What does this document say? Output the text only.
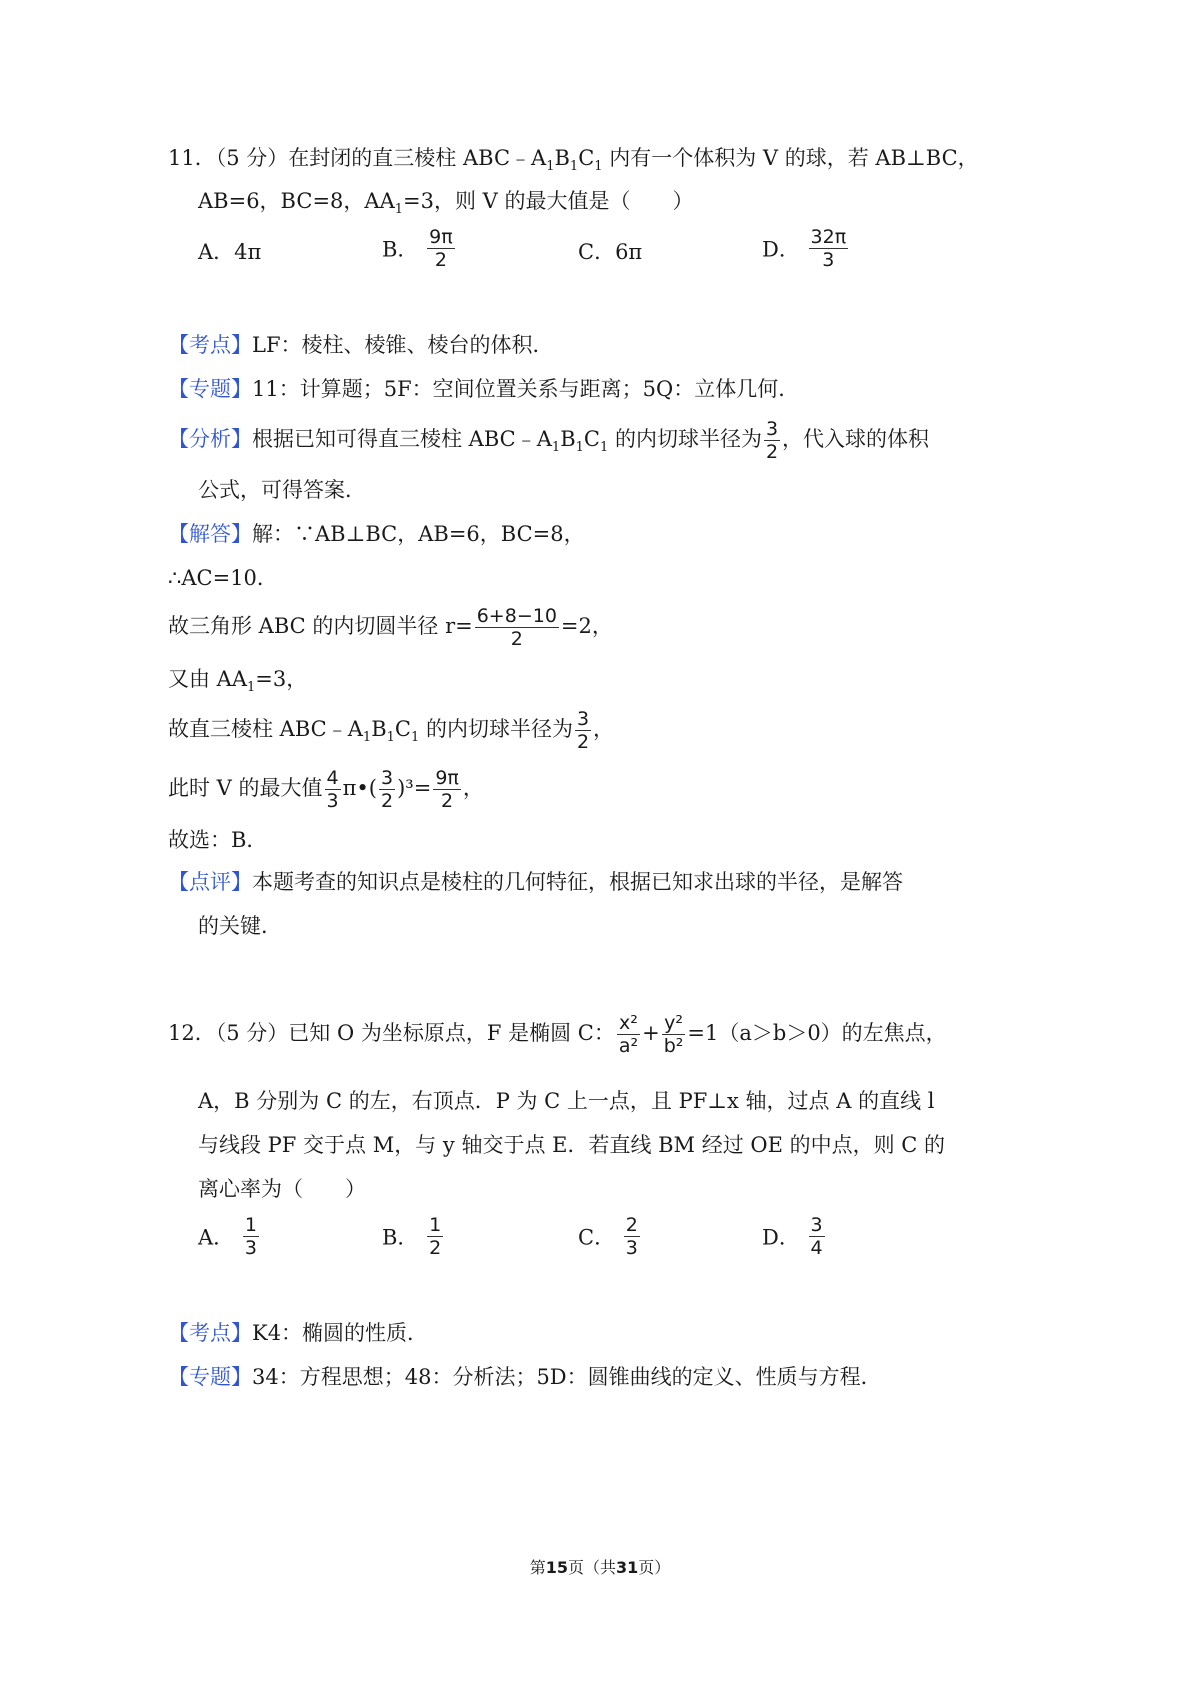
11．（5 分）在封闭的直三棱柱 $ABC﹣A_1B_1C_1$ 内有一个体积为 V 的球，若 AB⊥BC，
AB=6，BC=8，$AA_1=3$，则 V 的最大值是（　　）
A．4π	B． $\frac{9\pi}{2}$	C．6π	D． $\frac{32\pi}{3}$
【考点】LF：棱柱、棱锥、棱台的体积．
【专题】11：计算题；5F：空间位置关系与距离；5Q：立体几何．
【分析】根据已知可得直三棱柱 $ABC﹣A_1B_1C_1$ 的内切球半径为 $\frac{3}{2}$ ，代入球的体积
公式，可得答案．
【解答】解：∵AB⊥BC，AB=6，BC=8，
∴AC=10．
故三角形 ABC 的内切圆半径 $r= \frac{6+8-10}{2} =2$，
又由 $AA_1=3$，
故直三棱柱 $ABC﹣A_1B_1C_1$ 的内切球半径为 $\frac{3}{2}$ ，
此时 V 的最大值 $\frac{4}{3}$ π•( $\frac{3}{2} )^3= \frac{9\pi}{2}$ ，
故选：B．
【点评】本题考查的知识点是棱柱的几何特征，根据已知求出球的半径，是解答
的关键．
12．（5 分）已知 O 为坐标原点，F 是椭圆 C： $\frac{\text{x²}}{\text{a²}} + \frac{\text{y²}}{\text{b²}} =1(a>b>0)$的左焦点，
A，B 分别为 C 的左，右顶点．P 为 C 上一点，且 PF⊥x 轴，过点 A 的直线 l
与线段 PF 交于点 M，与 y 轴交于点 E．若直线 BM 经过 OE 的中点，则 C 的
离心率为（　　）
A． $\frac{1}{3}$	B． $\frac{1}{2}$	C． $\frac{2}{3}$	D． $\frac{3}{4}$
【考点】K4：椭圆的性质．
【专题】34：方程思想；48：分析法；5D：圆锥曲线的定义、性质与方程．
第15页（共31页）
